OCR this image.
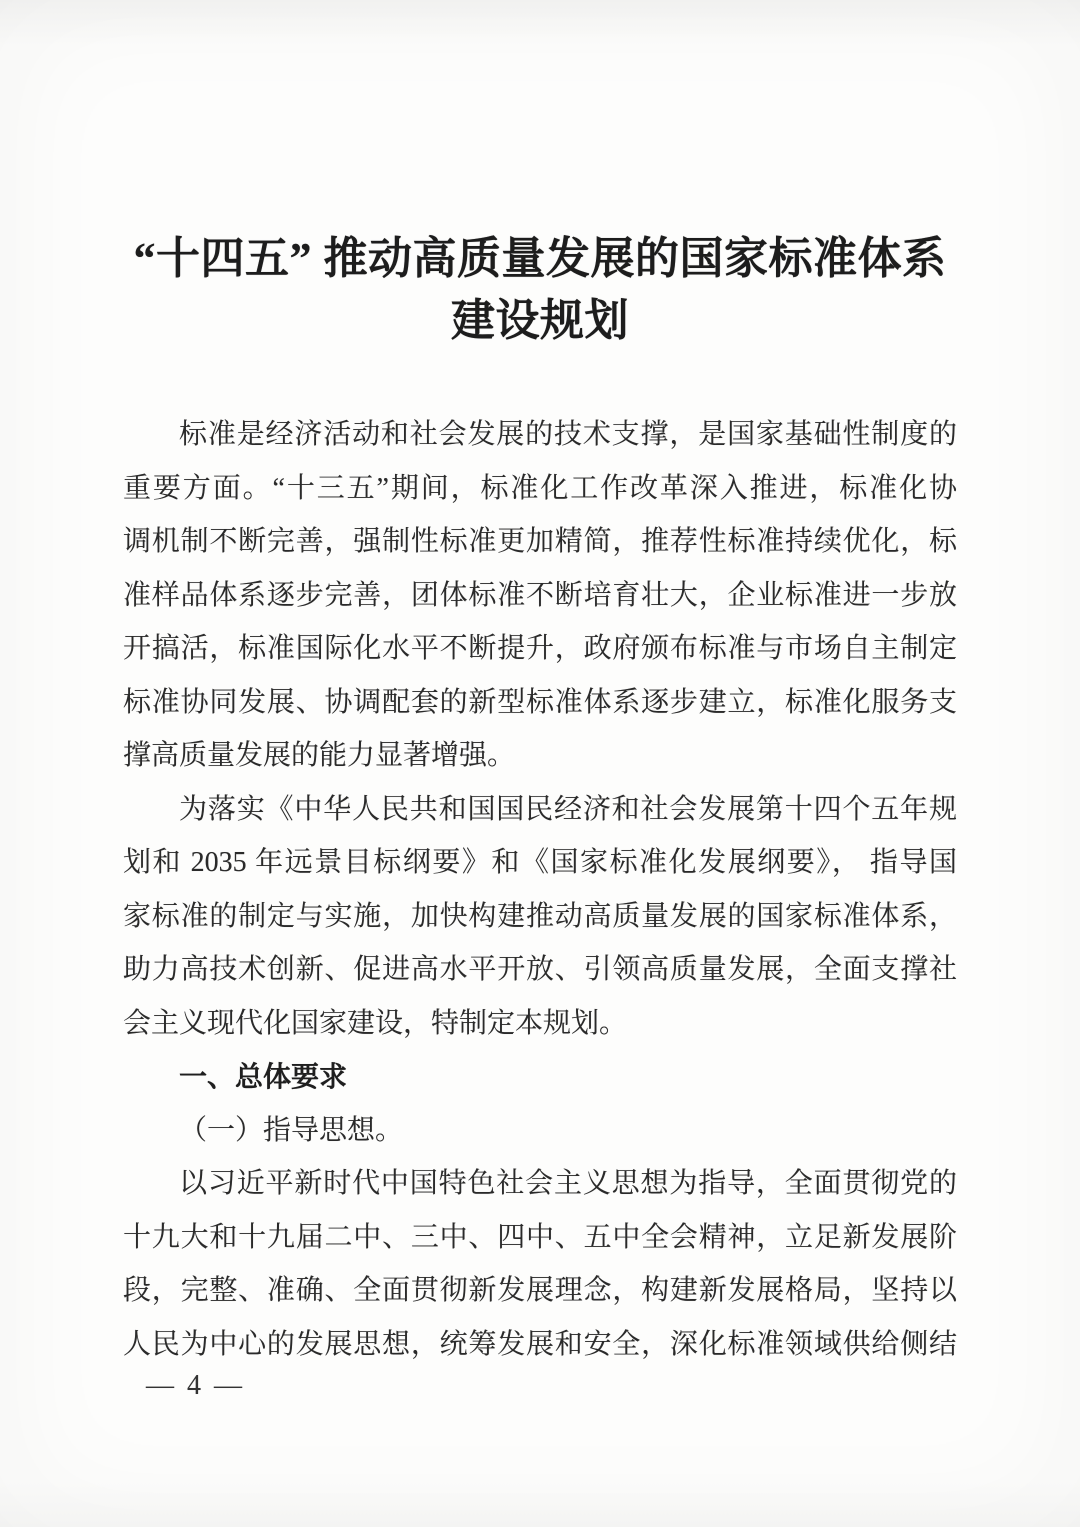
“十四五” 推动高质量发展的国家标准体系
建设规划
标准是经济活动和社会发展的技术支撑，是国家基础性制度的
重要方面。“十三五”期间，标准化工作改革深入推进，标准化协
调机制不断完善，强制性标准更加精简，推荐性标准持续优化，标
准样品体系逐步完善，团体标准不断培育壮大，企业标准进一步放
开搞活，标准国际化水平不断提升，政府颁布标准与市场自主制定
标准协同发展、协调配套的新型标准体系逐步建立，标准化服务支
撑高质量发展的能力显著增强。
为落实《中华人民共和国国民经济和社会发展第十四个五年规
划和 2035 年远景目标纲要》和《国家标准化发展纲要》， 指导国
家标准的制定与实施，加快构建推动高质量发展的国家标准体系，
助力高技术创新、促进高水平开放、引领高质量发展，全面支撑社
会主义现代化国家建设，特制定本规划。
一、总体要求
（一）指导思想。
以习近平新时代中国特色社会主义思想为指导，全面贯彻党的
十九大和十九届二中、三中、四中、五中全会精神，立足新发展阶
段，完整、准确、全面贯彻新发展理念，构建新发展格局，坚持以
人民为中心的发展思想，统筹发展和安全，深化标准领域供给侧结
— 4 —
